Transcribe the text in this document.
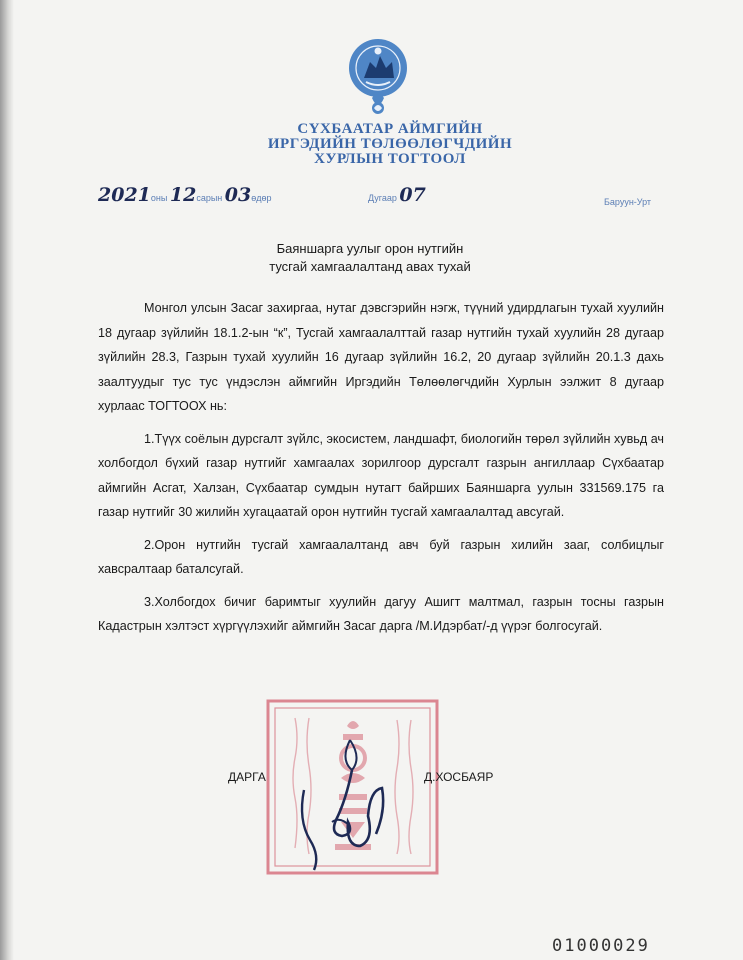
СҮХБААТАР АЙМГИЙН
ИРГЭДИЙН ТӨЛӨӨЛӨГЧДИЙН
ХУРЛЫН ТОГТООЛ
2021оны 12сарын 03өдөр	Дугаар 07	Баруун-Урт
Баяншарга уулыг орон нутгийн
тусгай хамгаалалтанд авах тухай

Монгол улсын Засаг захиргаа, нутаг дэвсгэрийн нэгж, түүний удирдлагын тухай хуулийн 18 дугаар зүйлийн 18.1.2-ын “к”, Тусгай хамгаалалттай газар нутгийн тухай хуулийн 28 дугаар зүйлийн 28.3, Газрын тухай хуулийн 16 дугаар зүйлийн 16.2, 20 дугаар зүйлийн 20.1.3 дахь заалтуудыг тус тус үндэслэн аймгийн Иргэдийн Төлөөлөгчдийн Хурлын ээлжит 8 дугаар хурлаас ТОГТООХ нь:

1.Түүх соёлын дурсгалт зүйлс, экосистем, ландшафт, биологийн төрөл зүйлийн хувьд ач холбогдол бүхий газар нутгийг хамгаалах зорилгоор дурсгалт газрын ангиллаар Сүхбаатар аймгийн Асгат, Халзан, Сүхбаатар сумдын нутагт байрших Баяншарга уулын 331569.175 га газар нутгийг 30 жилийн хугацаатай орон нутгийн тусгай хамгаалалтад авсугай.

2.Орон нутгийн тусгай хамгаалалтанд авч буй газрын хилийн зааг, солбицлыг хавсралтаар баталсугай.

3.Холбогдох бичиг баримтыг хуулийн дагуу Ашигт малтмал, газрын тосны газрын Кадастрын хэлтэст хүргүүлэхийг аймгийн Засаг дарга /М.Идэрбат/-д үүрэг болгосугай.

ДАРГА	Д.ХОСБАЯР
01000029
